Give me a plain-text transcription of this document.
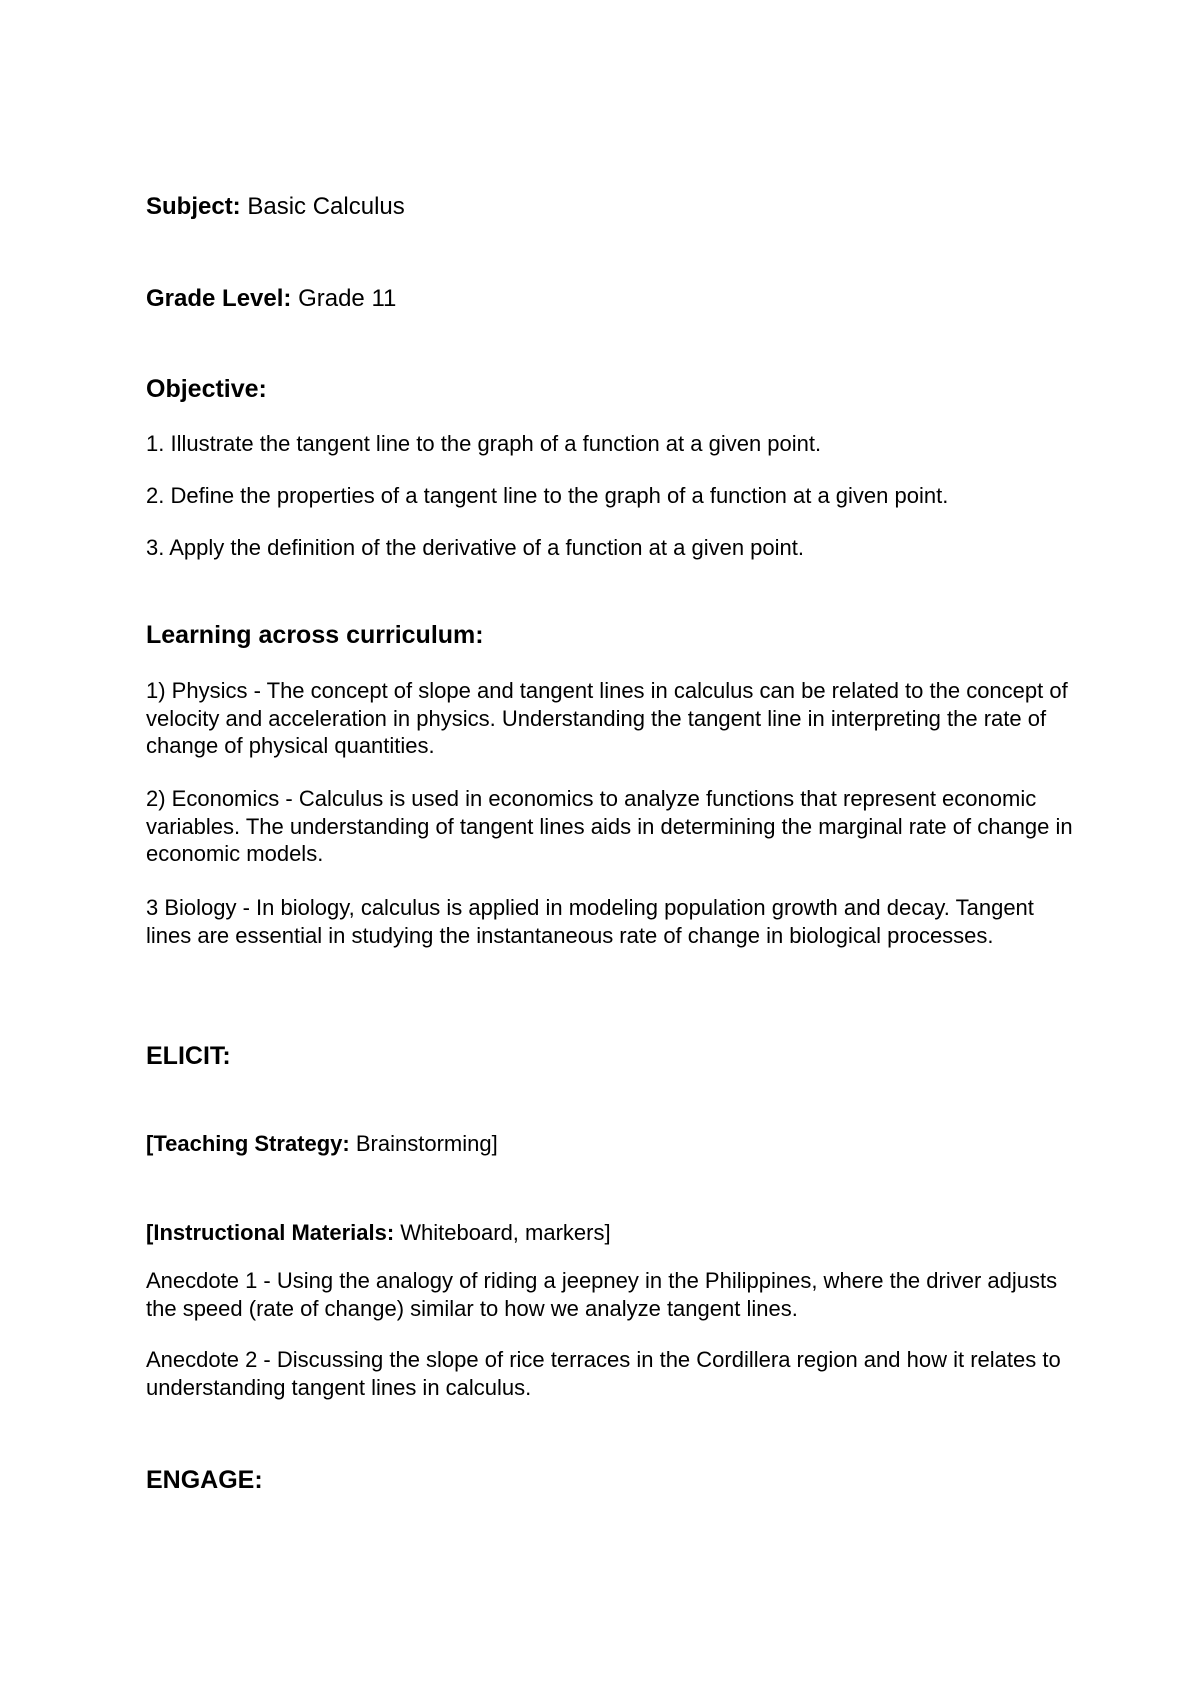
Subject: Basic Calculus

Grade Level: Grade 11

Objective:

1. Illustrate the tangent line to the graph of a function at a given point.

2. Define the properties of a tangent line to the graph of a function at a given point.

3. Apply the definition of the derivative of a function at a given point.

Learning across curriculum:

1) Physics - The concept of slope and tangent lines in calculus can be related to the concept of velocity and acceleration in physics. Understanding the tangent line in interpreting the rate of change of physical quantities.

2) Economics - Calculus is used in economics to analyze functions that represent economic variables. The understanding of tangent lines aids in determining the marginal rate of change in economic models.

3 Biology - In biology, calculus is applied in modeling population growth and decay. Tangent lines are essential in studying the instantaneous rate of change in biological processes.

ELICIT:

[Teaching Strategy: Brainstorming]

[Instructional Materials: Whiteboard, markers]

Anecdote 1 - Using the analogy of riding a jeepney in the Philippines, where the driver adjusts the speed (rate of change) similar to how we analyze tangent lines.

Anecdote 2 - Discussing the slope of rice terraces in the Cordillera region and how it relates to understanding tangent lines in calculus.

ENGAGE:
